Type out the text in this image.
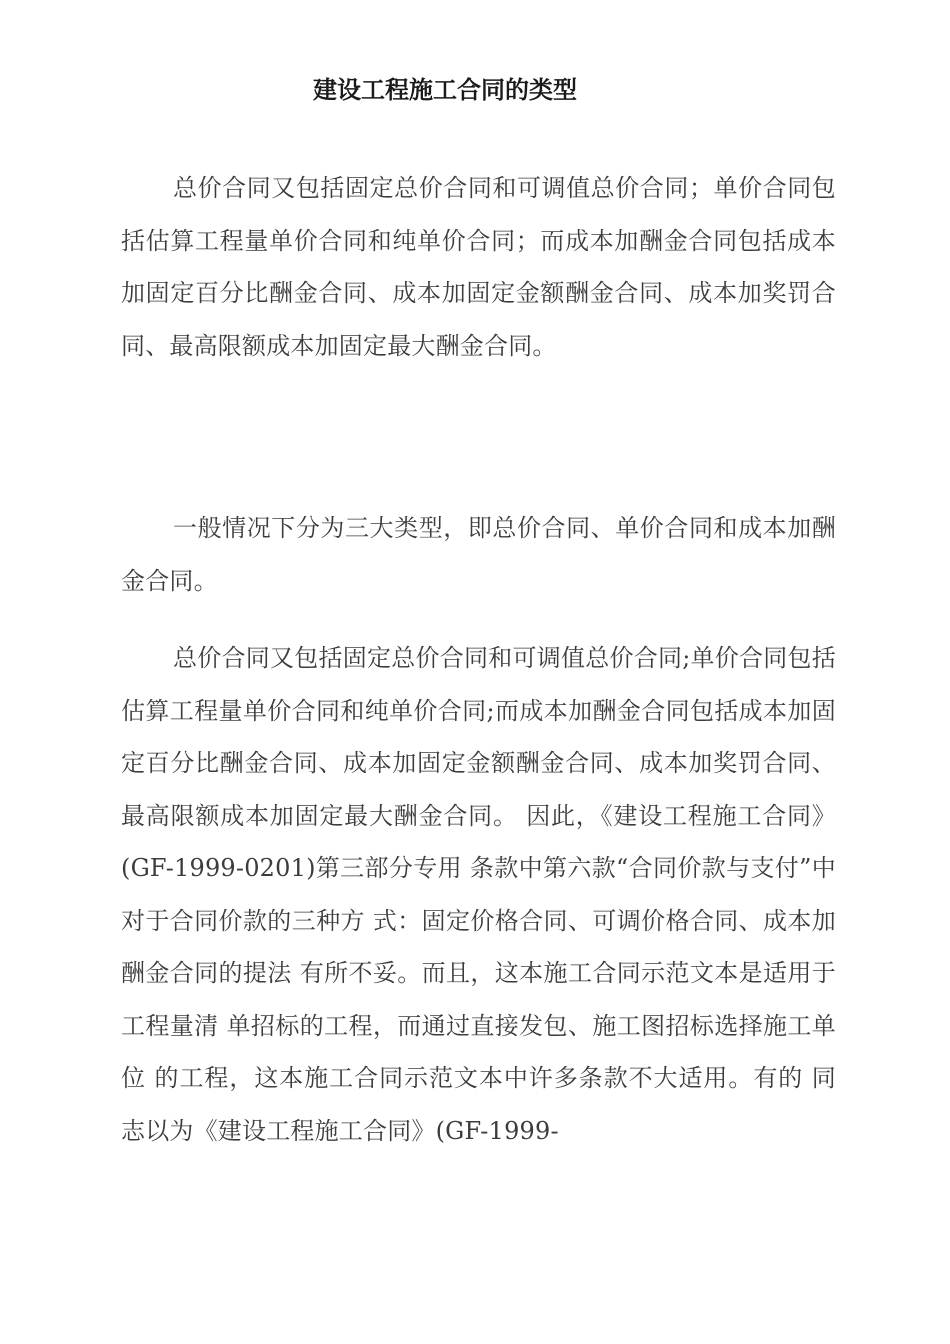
建设工程施工合同的类型

总价合同又包括固定总价合同和可调值总价合同；单价合同包括估算工程量单价合同和纯单价合同；而成本加酬金合同包括成本加固定百分比酬金合同、成本加固定金额酬金合同、成本加奖罚合同、最高限额成本加固定最大酬金合同。

一般情况下分为三大类型，即总价合同、单价合同和成本加酬金合同。

总价合同又包括固定总价合同和可调值总价合同;单价合同包括估算工程量单价合同和纯单价合同;而成本加酬金合同包括成本加固定百分比酬金合同、成本加固定金额酬金合同、成本加奖罚合同、最高限额成本加固定最大酬金合同。 因此，《建设工程施工合同》(GF-1999-0201)第三部分专用 条款中第六款“合同价款与支付”中对于合同价款的三种方 式：固定价格合同、可调价格合同、成本加酬金合同的提法 有所不妥。而且，这本施工合同示范文本是适用于工程量清 单招标的工程，而通过直接发包、施工图招标选择施工单位 的工程，这本施工合同示范文本中许多条款不大适用。有的 同志以为《建设工程施工合同》(GF-1999-
